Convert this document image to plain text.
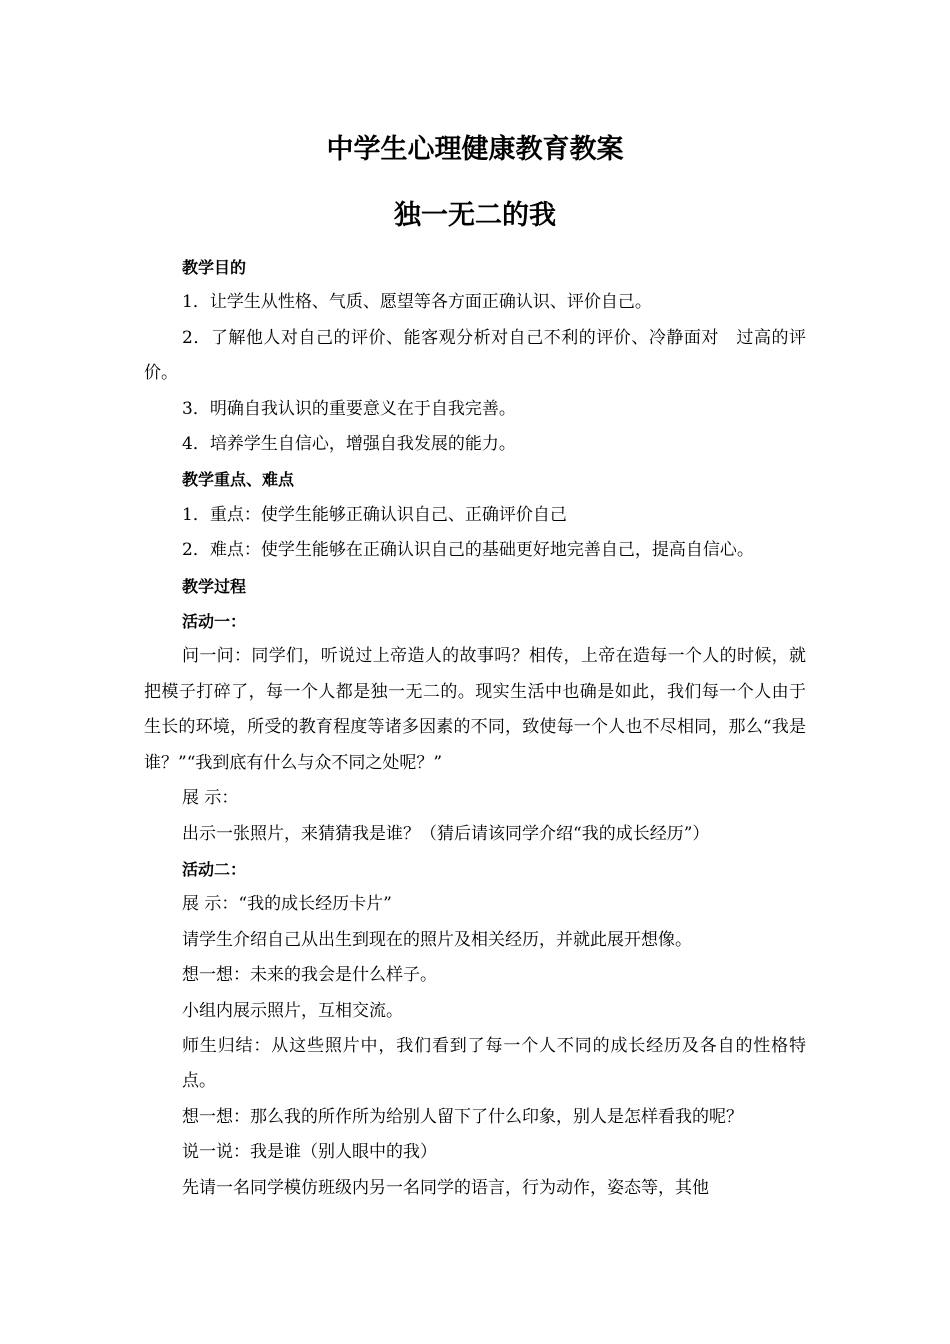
中学生心理健康教育教案
独一无二的我

教学目的

1．让学生从性格、气质、愿望等各方面正确认识、评价自己。

2．了解他人对自己的评价、能客观分析对自己不利的评价、冷静面对　过高的评价。

3．明确自我认识的重要意义在于自我完善。

4．培养学生自信心，增强自我发展的能力。

教学重点、难点

1．重点：使学生能够正确认识自己、正确评价自己

2．难点：使学生能够在正确认识自己的基础更好地完善自己，提高自信心。

教学过程

活动一：

问一问：同学们，听说过上帝造人的故事吗？相传，上帝在造每一个人的时候，就把模子打碎了，每一个人都是独一无二的。现实生活中也确是如此，我们每一个人由于生长的环境，所受的教育程度等诸多因素的不同，致使每一个人也不尽相同，那么“我是谁？”“我到底有什么与众不同之处呢？”

展 示：

出示一张照片，来猜猜我是谁？（猜后请该同学介绍“我的成长经历”）

活动二：

展 示：“我的成长经历卡片”

请学生介绍自己从出生到现在的照片及相关经历，并就此展开想像。

想一想：未来的我会是什么样子。

小组内展示照片，互相交流。

师生归结：从这些照片中，我们看到了每一个人不同的成长经历及各自的性格特点。

想一想：那么我的所作所为给别人留下了什么印象，别人是怎样看我的呢？

说一说：我是谁（别人眼中的我）

先请一名同学模仿班级内另一名同学的语言，行为动作，姿态等，其他
